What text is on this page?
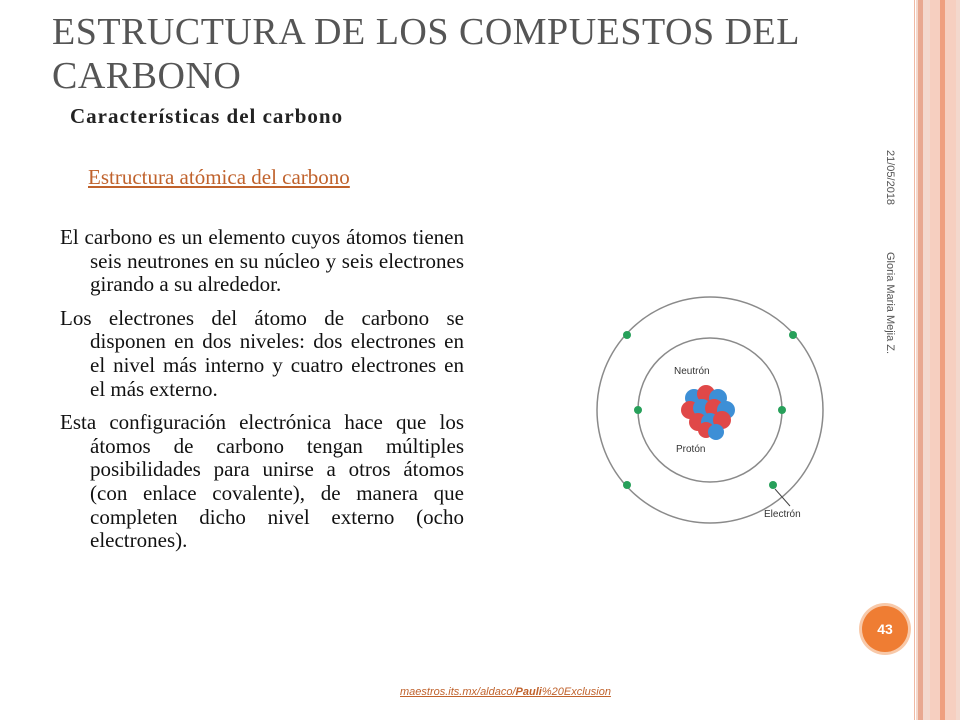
ESTRUCTURA DE LOS COMPUESTOS DEL CARBONO
Características del carbono
Estructura atómica del carbono

El carbono es un elemento cuyos átomos tienen seis neutrones en su núcleo y seis electrones girando a su alrededor.

Los electrones del átomo de carbono se disponen en dos niveles: dos electrones en el nivel más interno y cuatro electrones en el más externo.

Esta configuración electrónica hace que los átomos de carbono tengan múltiples posibilidades para unirse a otros átomos (con enlace covalente), de manera que completen dicho nivel externo (ocho electrones).

Neutrón
Protón
Electrón
21/05/2018
Gloria Maria Mejia Z.
43
maestros.its.mx/aldaco/Pauli%20Exclusion
